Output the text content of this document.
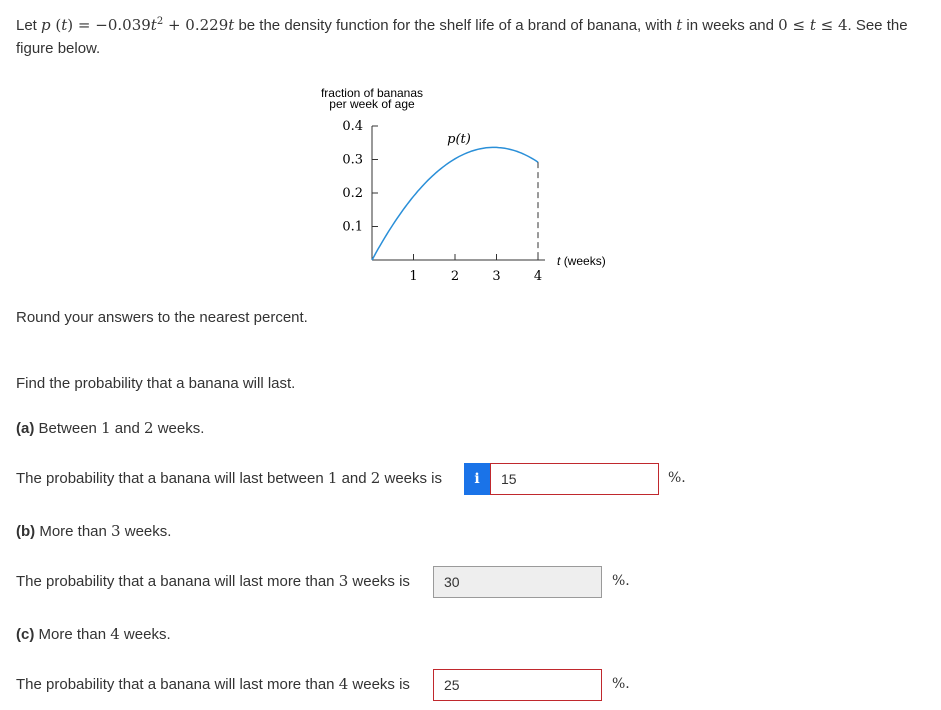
Let p $(t) = -0.039t^2 + 0.229t$ be the density function for the shelf life of a brand of banana, with t in weeks and 0 ≤ t ≤ 4. See the figure below.
fraction of bananas
per week of age
0.1
0.2
0.3
0.4
1	2	3	4
p(t)
t (weeks)
Round your answers to the nearest percent.
Find the probability that a banana will last.
(a) Between 1 and 2 weeks.
The probability that a banana will last between 1 and 2 weeks is	i
15	%.
(b) More than 3 weeks.
The probability that a banana will last more than 3 weeks is
30	%.
(c) More than 4 weeks.
The probability that a banana will last more than 4 weeks is
25	%.
